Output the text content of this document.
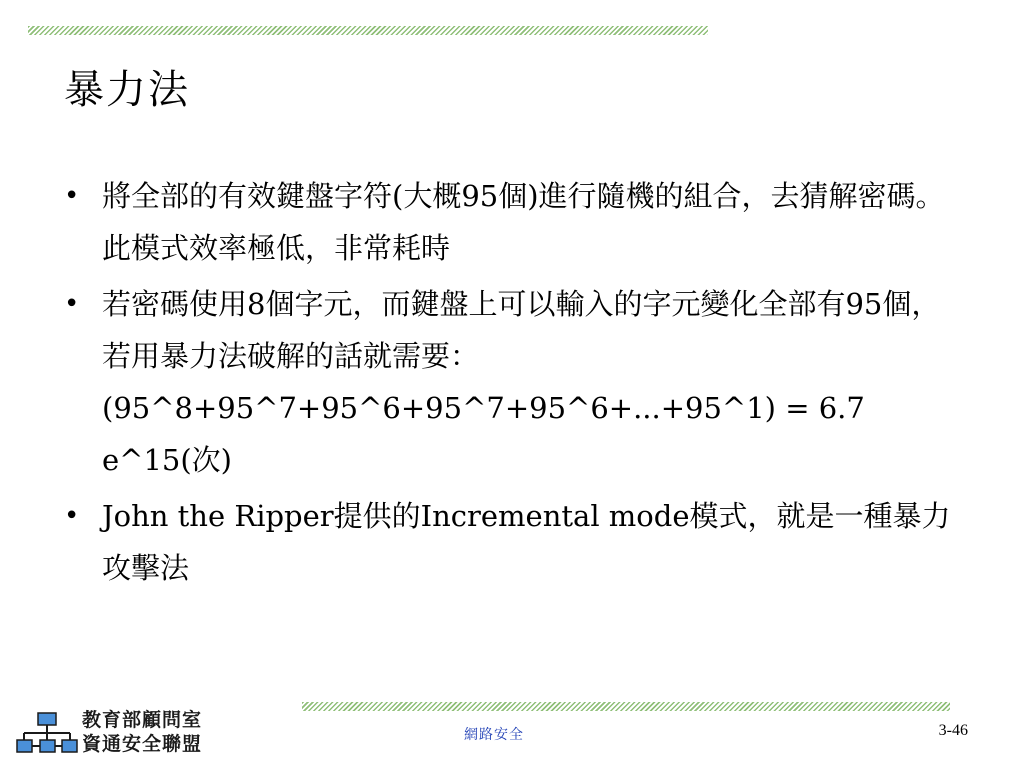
暴力法
• 將全部的有效鍵盤字符(大概95個)進行隨機的組合，去猜解密碼。此模式效率極低，非常耗時
• 若密碼使用8個字元，而鍵盤上可以輸入的字元變化全部有95個，若用暴力法破解的話就需要：(95^8+95^7+95^6+95^7+95^6+...+95^1) = 6.7 e^15(次)
• John the Ripper提供的Incremental mode模式，就是一種暴力攻擊法
教育部顧問室
資通安全聯盟	網路安全	3-46
